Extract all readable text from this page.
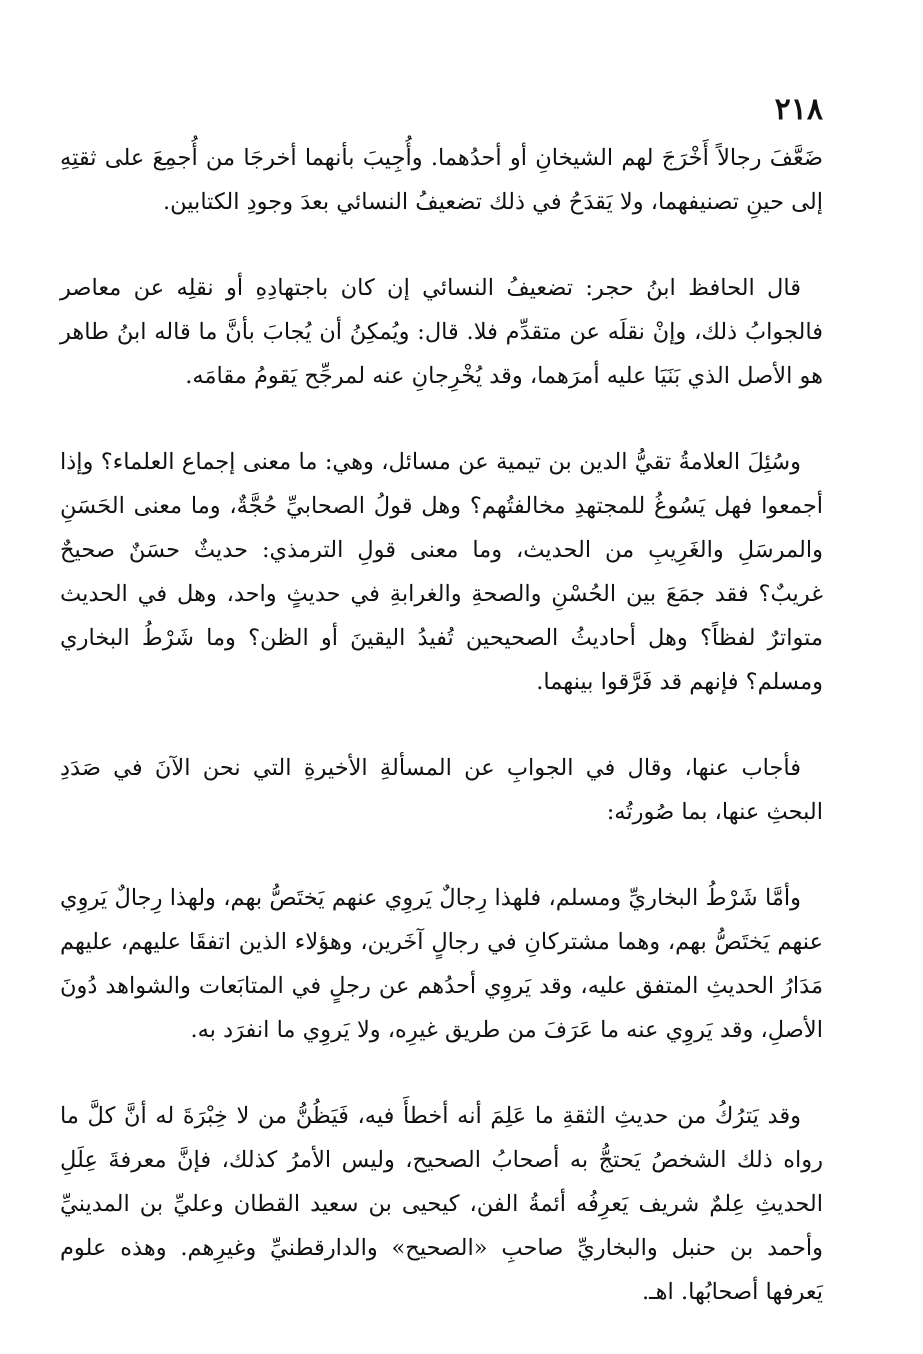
٢١٨

ضَعَّفَ رجالاً أَخْرَجَ لهم الشيخانِ أو أحدُهما. وأُجِيبَ بأنهما أخرجَا من أُجمِعَ على ثقتِهِ إلى حينِ تصنيفهما، ولا يَقدَحُ في ذلك تضعيفُ النسائي بعدَ وجودِ الكتابين.

قال الحافظ ابنُ حجر: تضعيفُ النسائي إن كان باجتهادِهِ أو نقلِه عن معاصر فالجوابُ ذلك، وإنْ نقلَه عن متقدِّم فلا. قال: ويُمكِنُ أن يُجابَ بأنَّ ما قاله ابنُ طاهر هو الأصل الذي بَنَيَا عليه أمرَهما، وقد يُخْرِجانِ عنه لمرجِّح يَقومُ مقامَه.

وسُئِلَ العلامةُ تقيُّ الدين بن تيمية عن مسائل، وهي: ما معنى إجماع العلماء؟ وإذا أجمعوا فهل يَسُوغُ للمجتهدِ مخالفتُهم؟ وهل قولُ الصحابيِّ حُجَّةٌ، وما معنى الحَسَنِ والمرسَلِ والغَرِيبِ من الحديث، وما معنى قولِ الترمذي: حديثٌ حسَنٌ صحيحٌ غريبٌ؟ فقد جمَعَ بين الحُسْنِ والصحةِ والغرابةِ في حديثٍ واحد، وهل في الحديث متواترٌ لفظاً؟ وهل أحاديثُ الصحيحين تُفيدُ اليقينَ أو الظن؟ وما شَرْطُ البخاري ومسلم؟ فإنهم قد فَرَّقوا بينهما.

فأجاب عنها، وقال في الجوابِ عن المسألةِ الأخيرةِ التي نحن الآنَ في صَدَدِ البحثِ عنها، بما صُورتُه:

وأمَّا شَرْطُ البخاريِّ ومسلم، فلهذا رِجالٌ يَروِي عنهم يَختَصُّ بهم، ولهذا رِجالٌ يَروِي عنهم يَختَصُّ بهم، وهما مشتركانِ في رجالٍ آخَرين، وهؤلاء الذين اتفقَا عليهم، عليهم مَدَارُ الحديثِ المتفق عليه، وقد يَروِي أحدُهم عن رجلٍ في المتابَعات والشواهد دُونَ الأصلِ، وقد يَروِي عنه ما عَرَفَ من طريق غيرِه، ولا يَروِي ما انفرَد به.

وقد يَترُكُ من حديثِ الثقةِ ما عَلِمَ أنه أخطأَ فيه، فَيَظُنُّ من لا خِبْرَةَ له أنَّ كلَّ ما رواه ذلك الشخصُ يَحتجُّ به أصحابُ الصحيح، وليس الأمرُ كذلك، فإنَّ معرفةَ عِلَلِ الحديثِ عِلمٌ شريف يَعرِفُه أئمةُ الفن، كيحيى بن سعيد القطان وعليِّ بن المدينيِّ وأحمد بن حنبل والبخاريِّ صاحبِ «الصحيح» والدارقطنيِّ وغيرِهم. وهذه علوم يَعرفها أصحابُها. اهـ.
